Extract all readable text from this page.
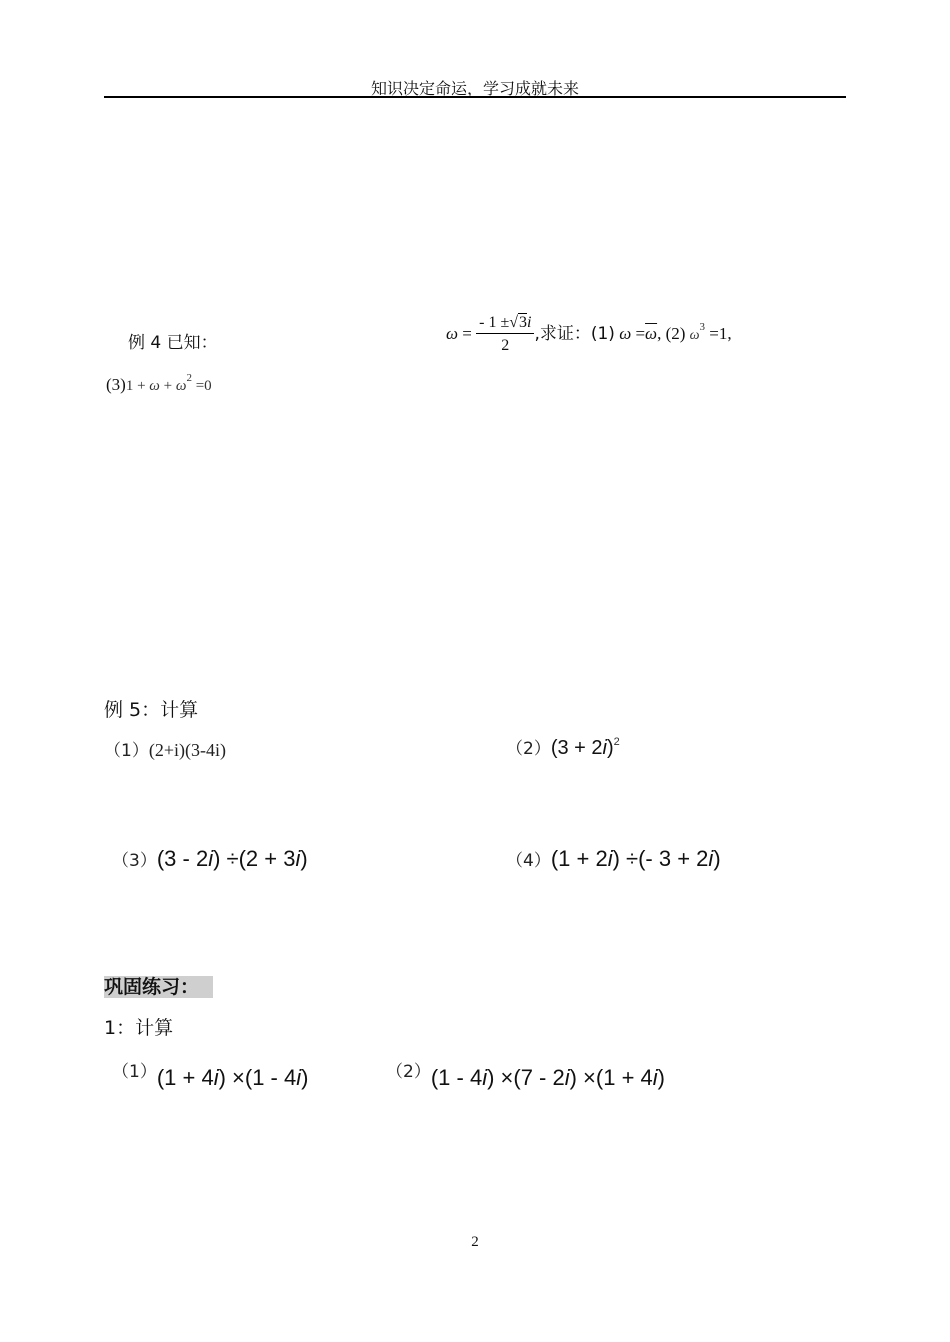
知识决定命运，学习成就未来
例 4 已知：	$\omega = \frac{- 1 \pm√3i}{2}$ ,求证：(1) $\omega =\overline{\omega}$, (2) $\omega^3 =1$,
$(3)1 + \omega + \omega^2 =0$
例 5：计算
（1）(2+i)(3-4i)	$(2)(3 + 2i)^2$
（3）(3 - 2i) ÷(2 + 3i)	（4）(1 + 2i) ÷(- 3 + 2i)
巩固练习：
1：计算
（1）(1 + 4i) ×(1 - 4i)	（2）(1 - 4i) ×(7 - 2i) ×(1 + 4i)
2
